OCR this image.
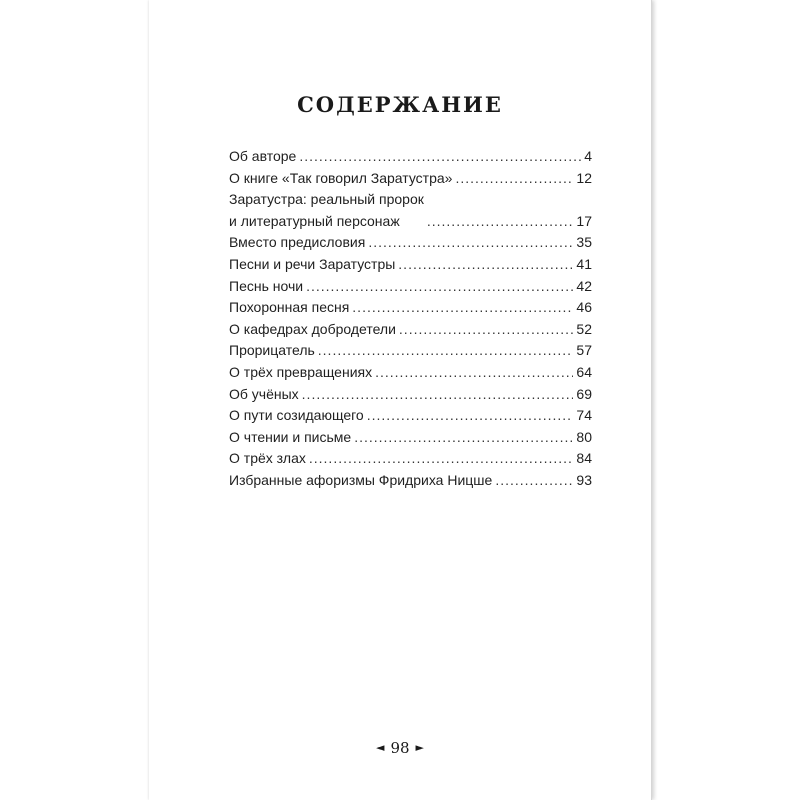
СОДЕРЖАНИЕ
Об авторе .....	4
О книге «Так говорил Заратустра» .....	12
Заратустра: реальный пророк
и литературный персонаж .....	17
Вместо предисловия .....	35
Песни и речи Заратустры .....	41
Песнь ночи .....	42
Похоронная песня .....	46
О кафедрах добродетели .....	52
Прорицатель .....	57
О трёх превращениях .....	64
Об учёных .....	69
О пути созидающего .....	74
О чтении и письме .....	80
О трёх злах .....	84
Избранные афоризмы Фридриха Ницше .....	93
◄ 98 ►
